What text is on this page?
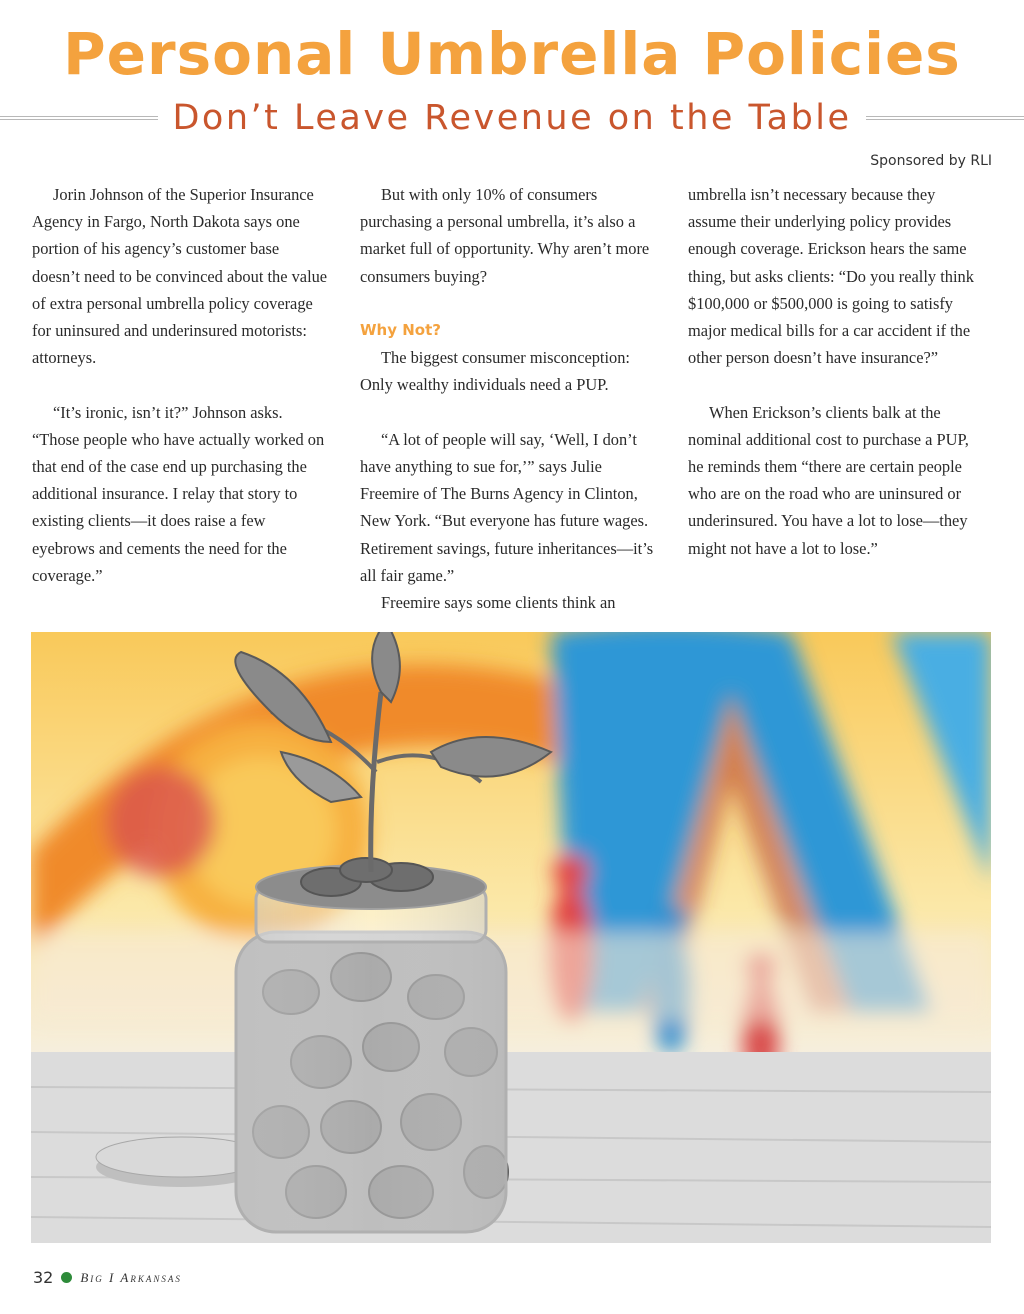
Personal Umbrella Policies
Don’t Leave Revenue on the Table
Sponsored by RLI

Jorin Johnson of the Superior Insurance Agency in Fargo, North Dakota says one portion of his agency’s customer base doesn’t need to be convinced about the value of extra personal umbrella policy coverage for uninsured and underinsured motorists: attorneys.

“It’s ironic, isn’t it?” Johnson asks. “Those people who have actually worked on that end of the case end up purchasing the additional insurance. I relay that story to existing clients—it does raise a few eyebrows and cements the need for the coverage.”

But with only 10% of consumers purchasing a personal umbrella, it’s also a market full of opportunity. Why aren’t more consumers buying?

Why Not?

The biggest consumer misconception: Only wealthy individuals need a PUP.

“A lot of people will say, ‘Well, I don’t have anything to sue for,’” says Julie Freemire of The Burns Agency in Clinton, New York. “But everyone has future wages. Retirement savings, future inheritances—it’s all fair game.”

Freemire says some clients think an

umbrella isn’t necessary because they assume their underlying policy provides enough coverage. Erickson hears the same thing, but asks clients: “Do you really think $100,000 or $500,000 is going to satisfy major medical bills for a car accident if the other person doesn’t have insurance?”

When Erickson’s clients balk at the nominal additional cost to purchase a PUP, he reminds them “there are certain people who are on the road who are uninsured or underinsured. You have a lot to lose—they might not have a lot to lose.”

32 Big I Arkansas
